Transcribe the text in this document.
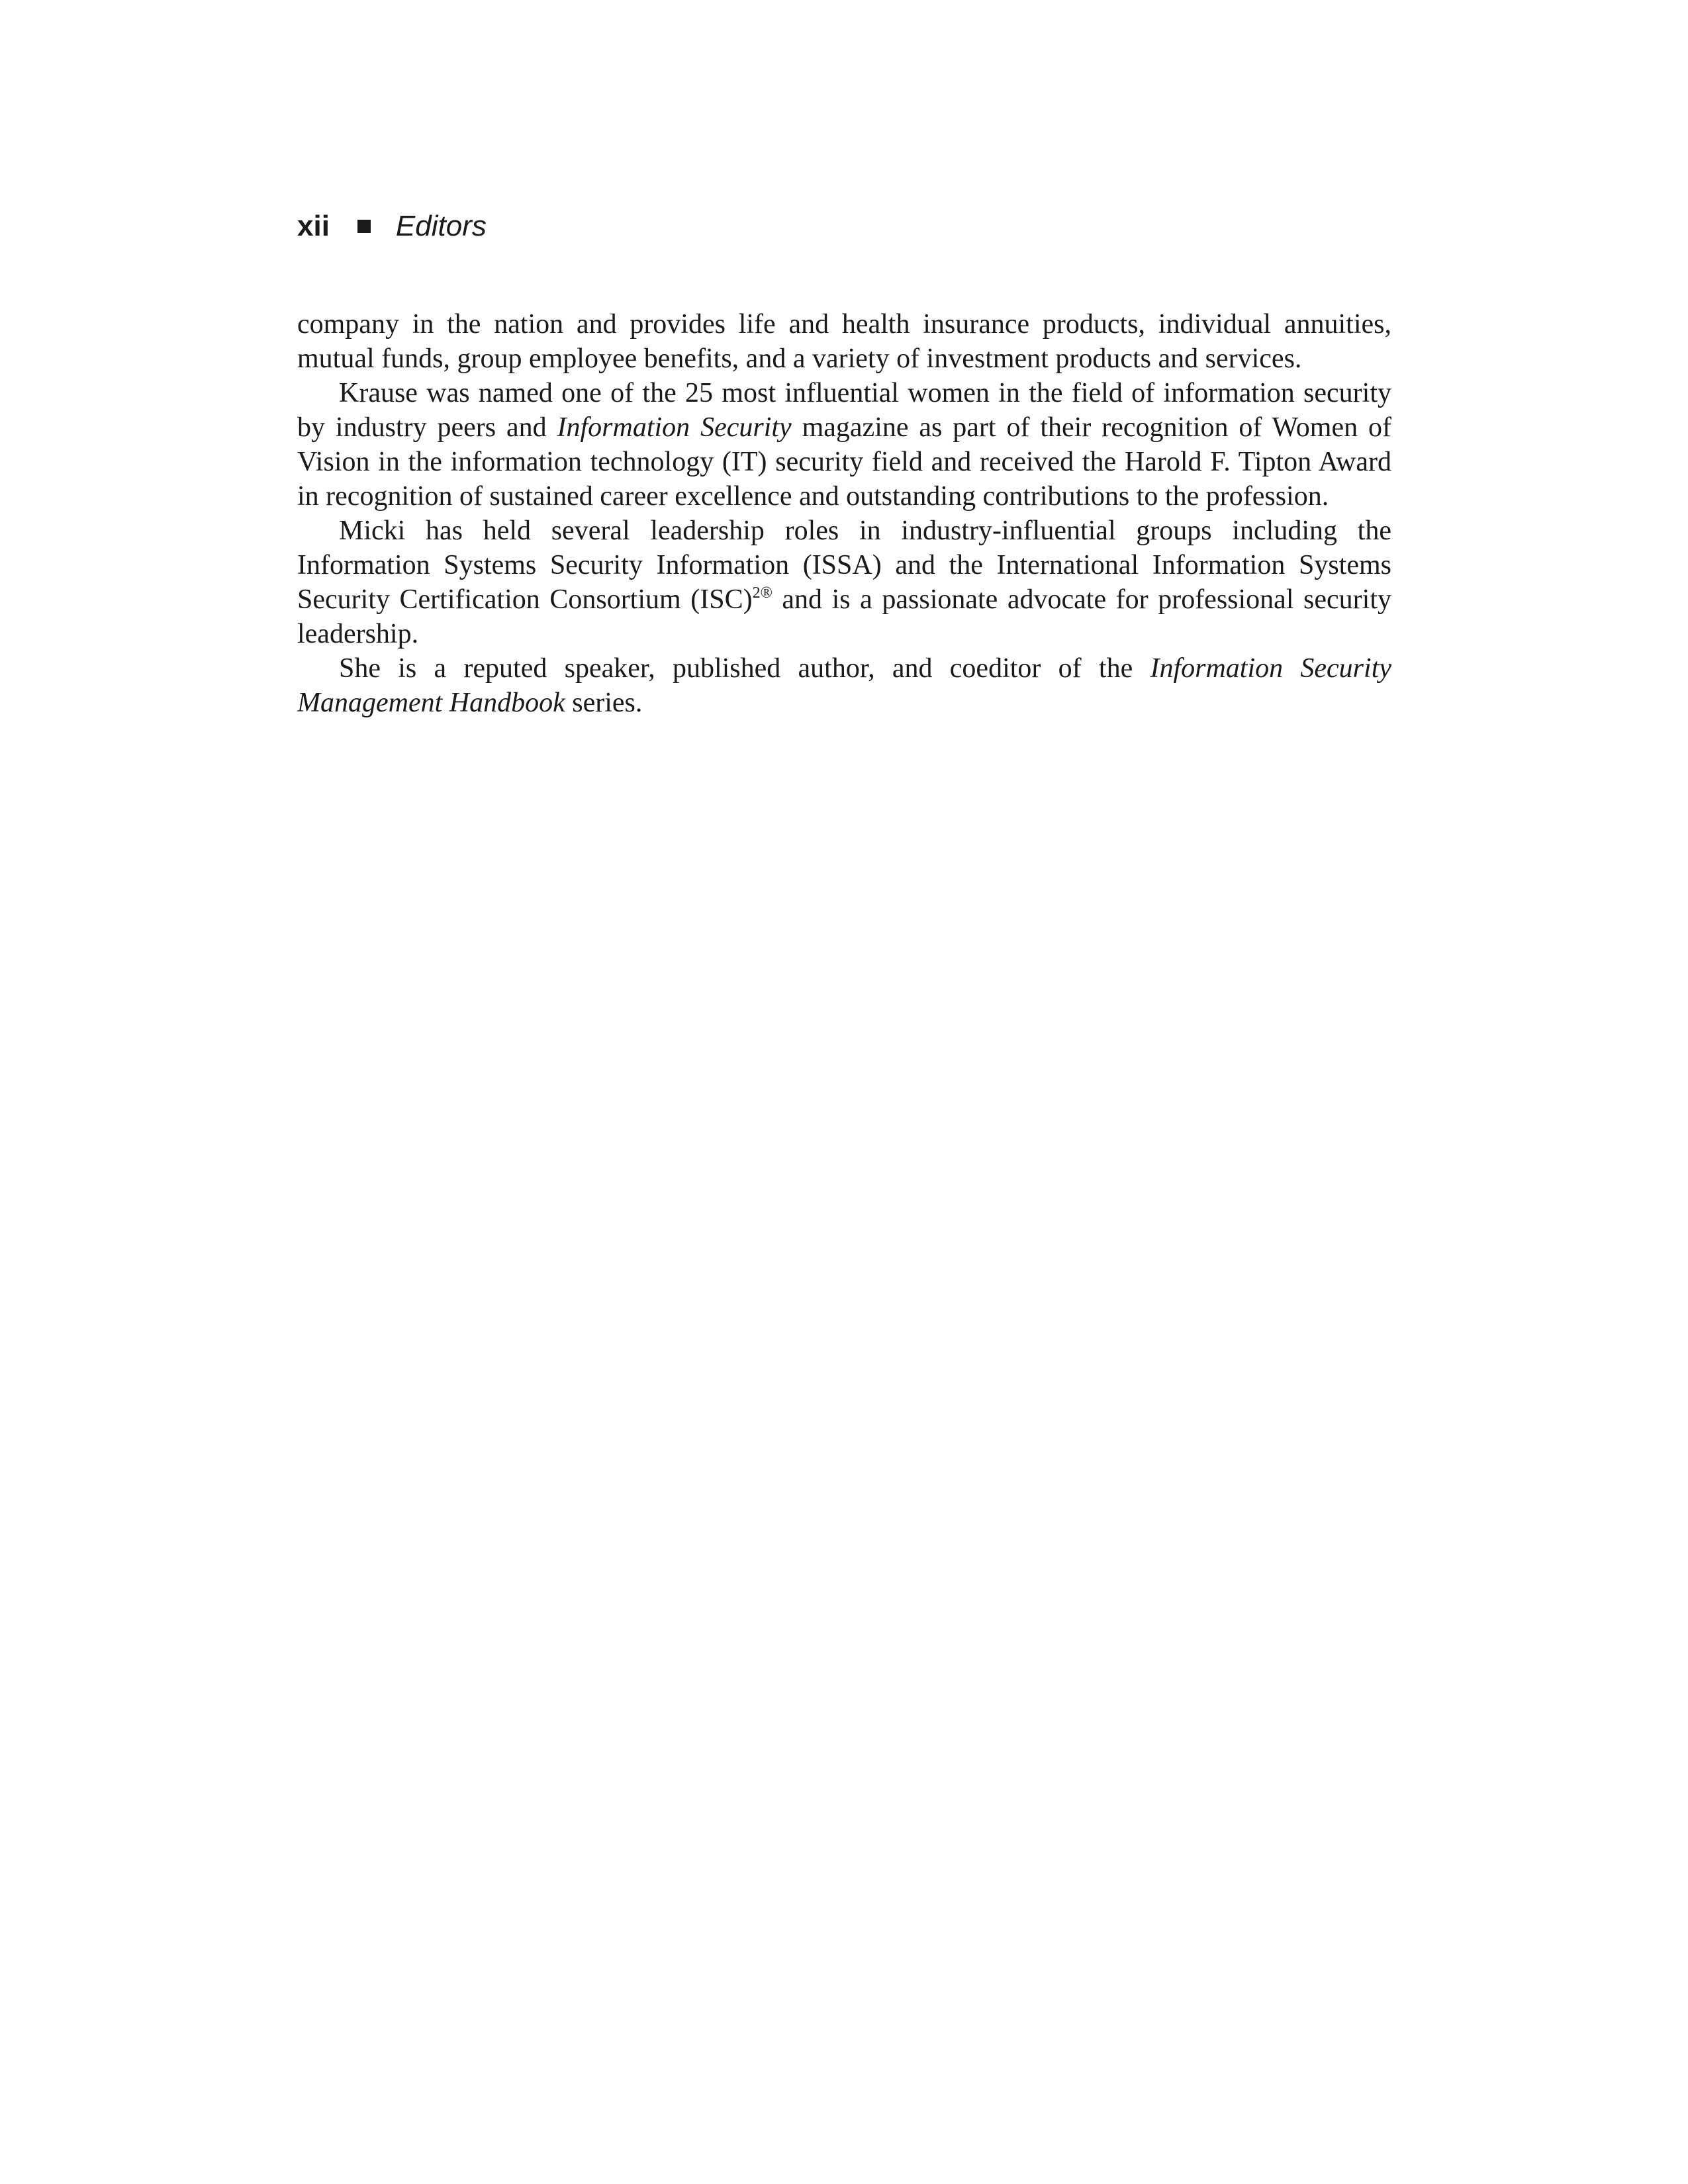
xii Editors

company in the nation and provides life and health insurance products, individual annuities, mutual funds, group employee benefits, and a variety of investment products and services.

Krause was named one of the 25 most influential women in the field of information security by industry peers and Information Security magazine as part of their recognition of Women of Vision in the information technology (IT) security field and received the Harold F. Tipton Award in recognition of sustained career excellence and outstanding contributions to the profession.

Micki has held several leadership roles in industry-influential groups including the Information Systems Security Information (ISSA) and the International Information Systems Security Certification Consortium (ISC)$^{2®}$ and is a passionate advocate for professional security leadership.

She is a reputed speaker, published author, and coeditor of the Information Security Management Handbook series.
